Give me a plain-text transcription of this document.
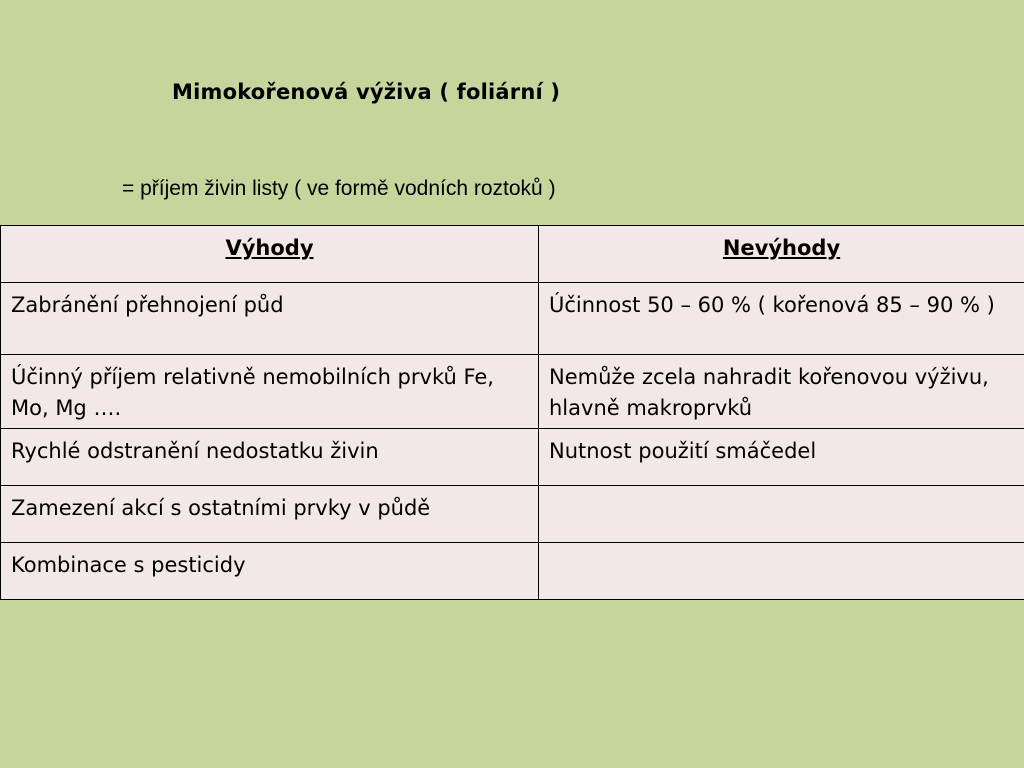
Mimokořenová výživa ( foliární )
= příjem živin listy ( ve formě vodních roztoků )
Výhody	Nevýhody
Zabránění přehnojení půd	Účinnost 50 – 60 % ( kořenová 85 – 90 % )
Účinný příjem relativně nemobilních prvků Fe, Mo, Mg ….	Nemůže zcela nahradit kořenovou výživu, hlavně makroprvků
Rychlé odstranění nedostatku živin	Nutnost použití smáčedel
Zamezení akcí s ostatními prvky v půdě	
Kombinace s pesticidy	
